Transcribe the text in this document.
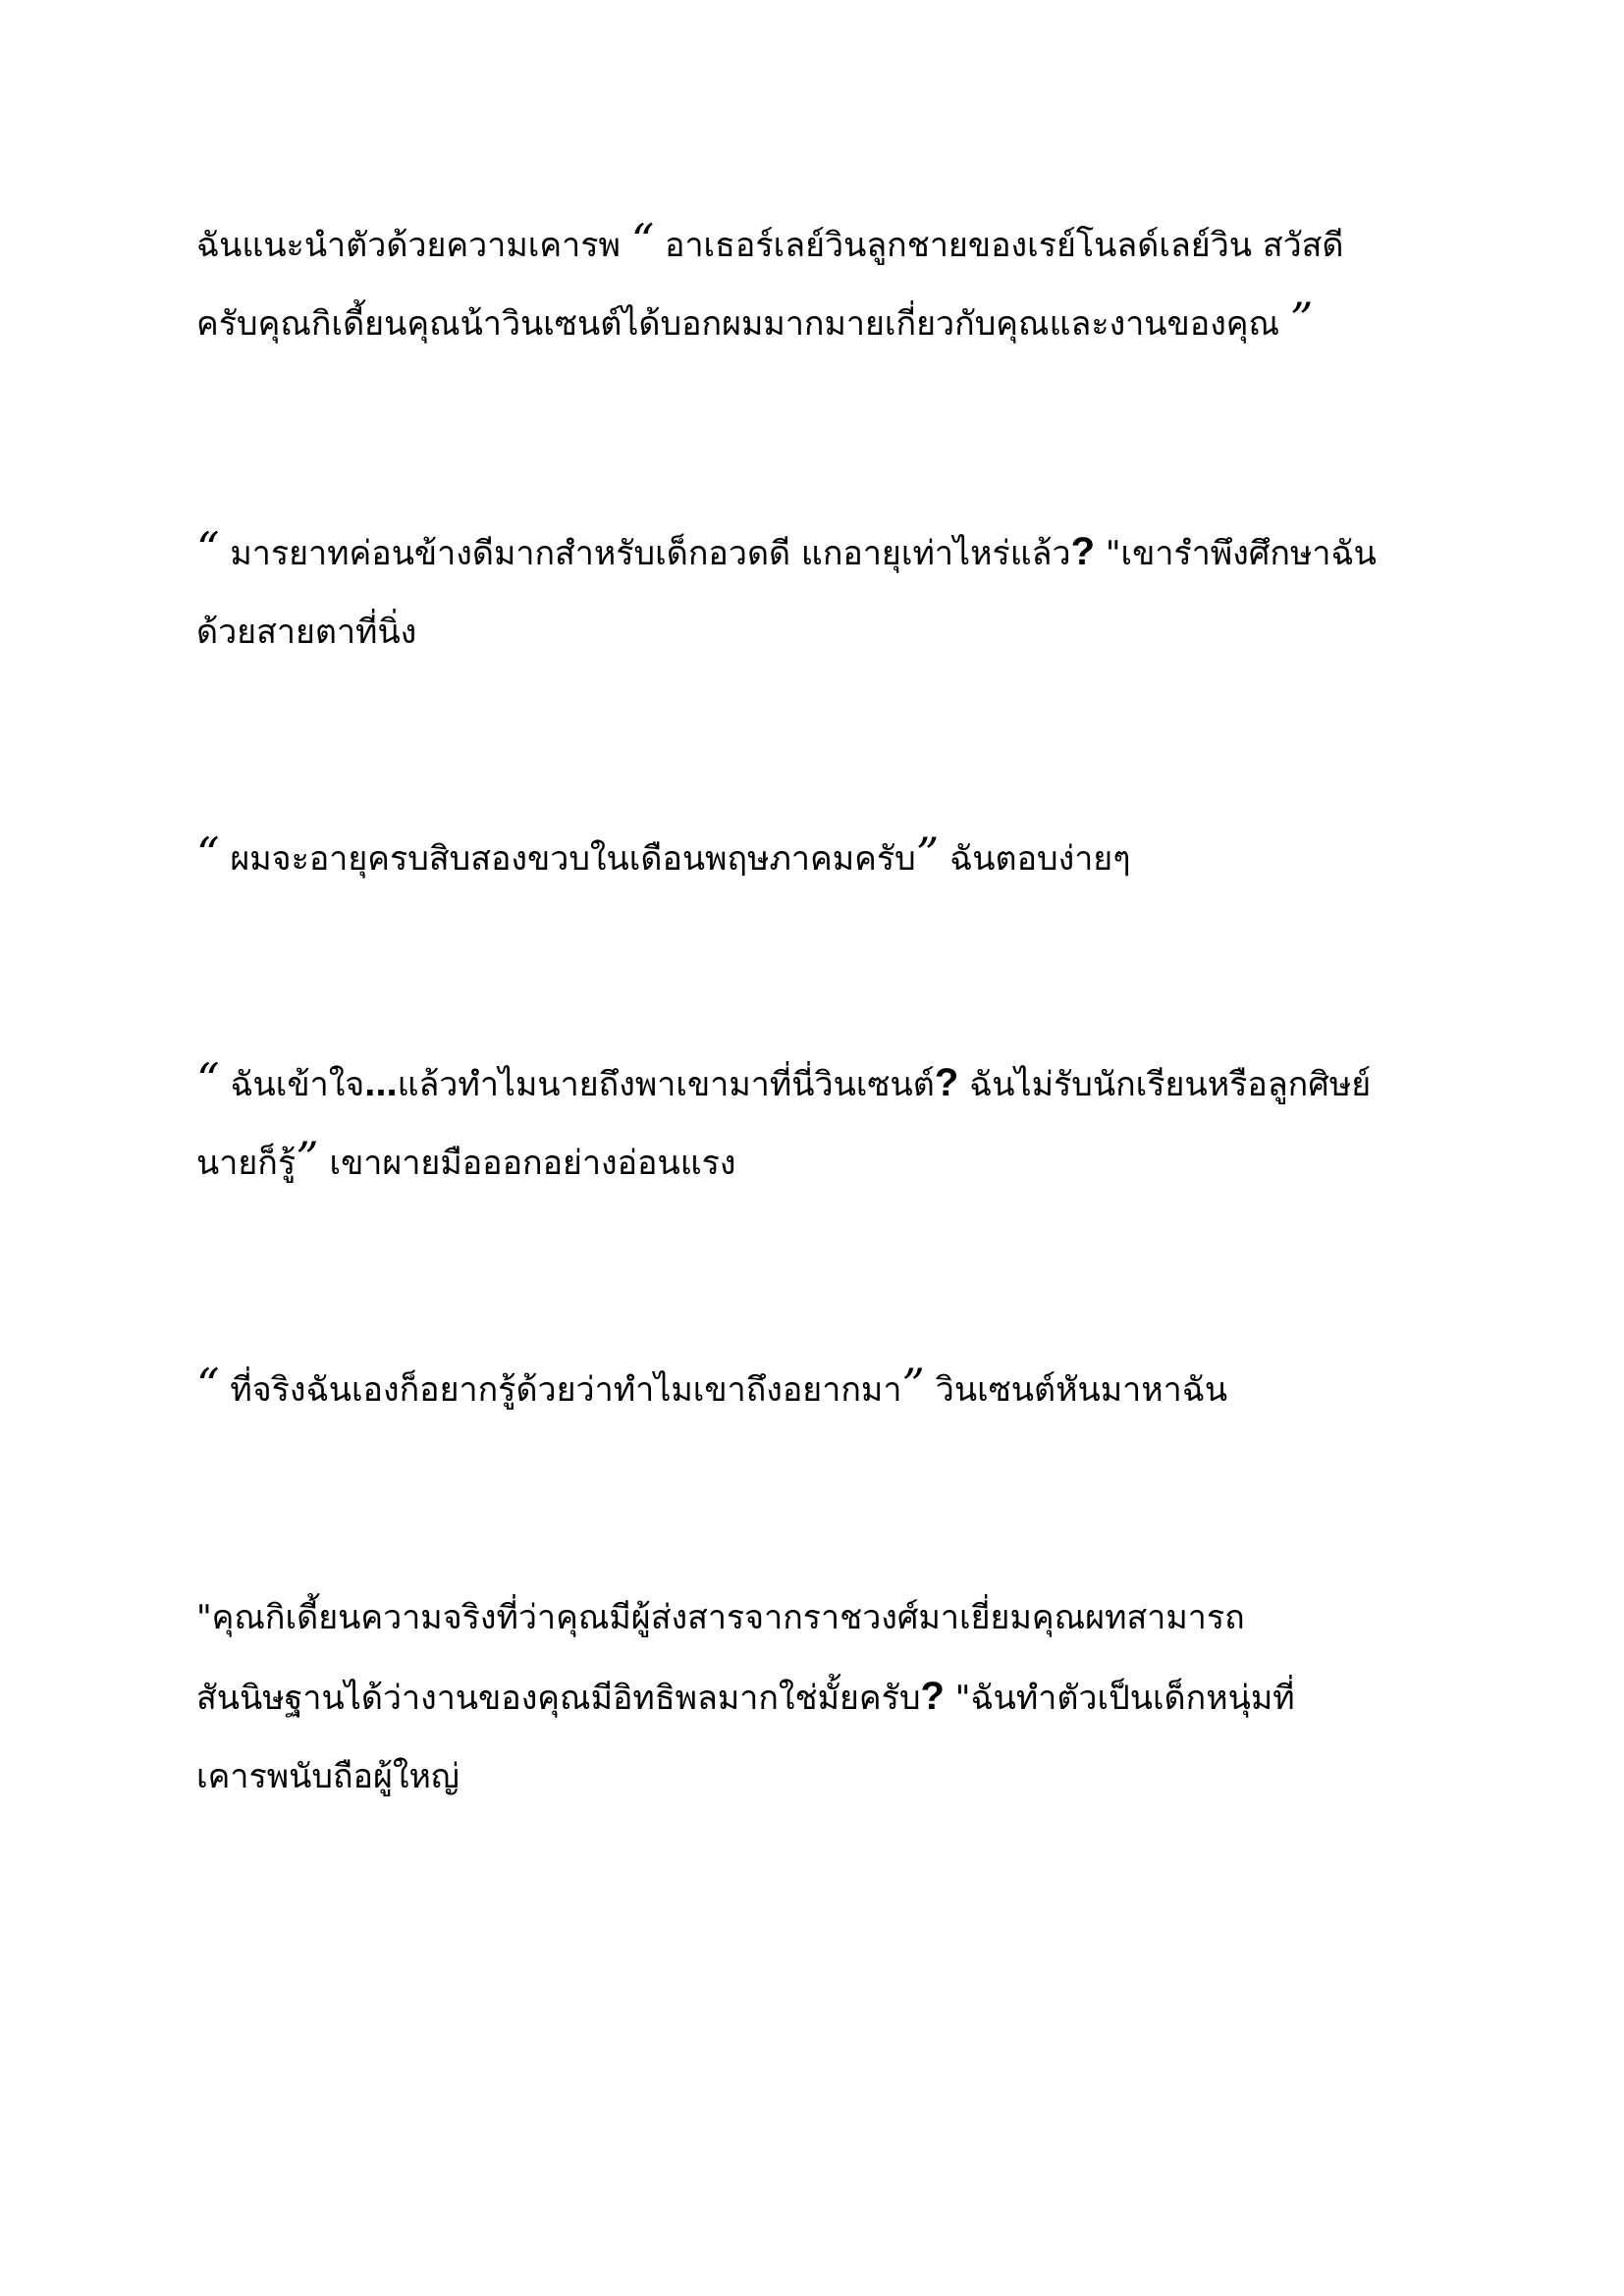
ฉันแนะนำตัวด้วยความเคารพ “ อาเธอร์เลย์วินลูกชายของเรย์โนลด์เลย์วิน สวัสดี
ครับคุณกิเดี้ยนคุณน้าวินเซนต์ได้บอกผมมากมายเกี่ยวกับคุณและงานของคุณ ”

“ มารยาทค่อนข้างดีมากสำหรับเด็กอวดดี แกอายุเท่าไหร่แล้ว? "เขารำพึงศึกษาฉัน
ด้วยสายตาที่นิ่ง

“ ผมจะอายุครบสิบสองขวบในเดือนพฤษภาคมครับ” ฉันตอบง่ายๆ

“ ฉันเข้าใจ...แล้วทำไมนายถึงพาเขามาที่นี่วินเซนต์? ฉันไม่รับนักเรียนหรือลูกศิษย์
นายก็รู้” เขาผายมือออกอย่างอ่อนแรง

“ ที่จริงฉันเองก็อยากรู้ด้วยว่าทำไมเขาถึงอยากมา” วินเซนต์หันมาหาฉัน

"คุณกิเดี้ยนความจริงที่ว่าคุณมีผู้ส่งสารจากราชวงศ์มาเยี่ยมคุณผทสามารถ
สันนิษฐานได้ว่างานของคุณมีอิทธิพลมากใช่มั้ยครับ? "ฉันทำตัวเป็นเด็กหนุ่มที่
เคารพนับถือผู้ใหญ่
